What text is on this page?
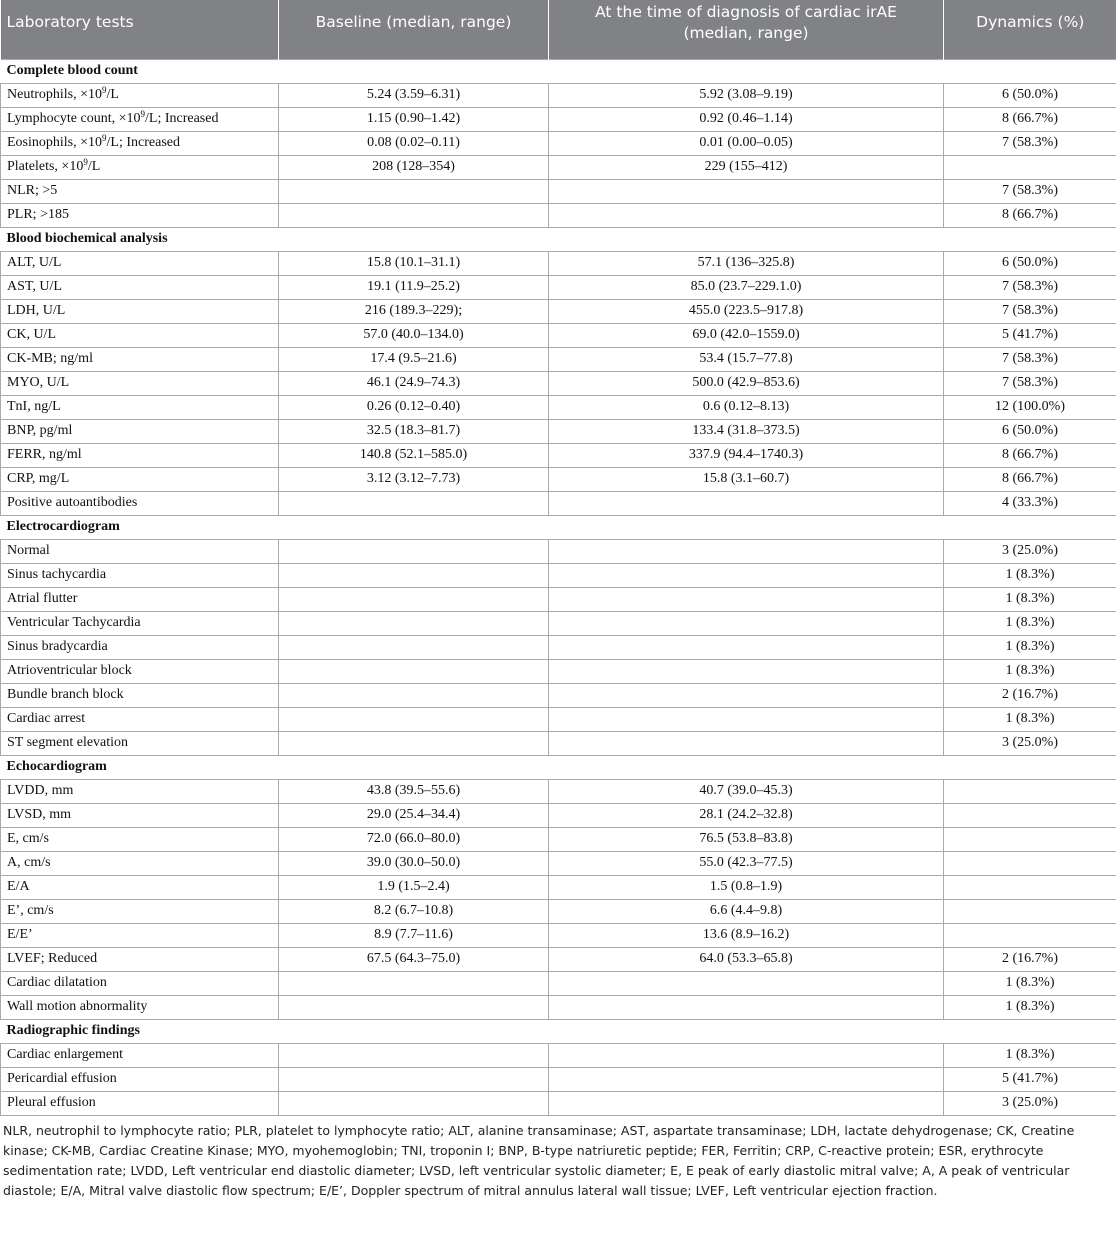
Laboratory tests	Baseline (median, range)	At the time of diagnosis of cardiac irAE
(median, range)	Dynamics (%)
Complete blood count			
Neutrophils, $\times 10^9/L$	5.24 (3.59–6.31)	5.92 (3.08–9.19)	6 (50.0%)
Lymphocyte count, $\times 10^9/L$; Increased	1.15 (0.90–1.42)	0.92 (0.46–1.14)	8 (66.7%)
Eosinophils, $\times 10^9/L$; Increased	0.08 (0.02–0.11)	0.01 (0.00–0.05)	7 (58.3%)
Platelets, $\times 10^9/L$	208 (128–354)	229 (155–412)	
NLR; >5			7 (58.3%)
PLR; >185			8 (66.7%)
Blood biochemical analysis			
ALT, U/L	15.8 (10.1–31.1)	57.1 (136–325.8)	6 (50.0%)
AST, U/L	19.1 (11.9–25.2)	85.0 (23.7–229.1.0)	7 (58.3%)
LDH, U/L	216 (189.3–229);	455.0 (223.5–917.8)	7 (58.3%)
CK, U/L	57.0 (40.0–134.0)	69.0 (42.0–1559.0)	5 (41.7%)
CK-MB; ng/ml	17.4 (9.5–21.6)	53.4 (15.7–77.8)	7 (58.3%)
MYO, U/L	46.1 (24.9–74.3)	500.0 (42.9–853.6)	7 (58.3%)
TnI, ng/L	0.26 (0.12–0.40)	0.6 (0.12–8.13)	12 (100.0%)
BNP, pg/ml	32.5 (18.3–81.7)	133.4 (31.8–373.5)	6 (50.0%)
FERR, ng/ml	140.8 (52.1–585.0)	337.9 (94.4–1740.3)	8 (66.7%)
CRP, mg/L	3.12 (3.12–7.73)	15.8 (3.1–60.7)	8 (66.7%)
Positive autoantibodies			4 (33.3%)
Electrocardiogram			
Normal			3 (25.0%)
Sinus tachycardia			1 (8.3%)
Atrial flutter			1 (8.3%)
Ventricular Tachycardia			1 (8.3%)
Sinus bradycardia			1 (8.3%)
Atrioventricular block			1 (8.3%)
Bundle branch block			2 (16.7%)
Cardiac arrest			1 (8.3%)
ST segment elevation			3 (25.0%)
Echocardiogram			
LVDD, mm	43.8 (39.5–55.6)	40.7 (39.0–45.3)	
LVSD, mm	29.0 (25.4–34.4)	28.1 (24.2–32.8)	
E, cm/s	72.0 (66.0–80.0)	76.5 (53.8–83.8)	
A, cm/s	39.0 (30.0–50.0)	55.0 (42.3–77.5)	
E/A	1.9 (1.5–2.4)	1.5 (0.8–1.9)	
E’, cm/s	8.2 (6.7–10.8)	6.6 (4.4–9.8)	
E/E’	8.9 (7.7–11.6)	13.6 (8.9–16.2)	
LVEF; Reduced	67.5 (64.3–75.0)	64.0 (53.3–65.8)	2 (16.7%)
Cardiac dilatation			1 (8.3%)
Wall motion abnormality			1 (8.3%)
Radiographic findings			
Cardiac enlargement			1 (8.3%)
Pericardial effusion			5 (41.7%)
Pleural effusion			3 (25.0%)

NLR, neutrophil to lymphocyte ratio; PLR, platelet to lymphocyte ratio; ALT, alanine transaminase; AST, aspartate transaminase; LDH, lactate dehydrogenase; CK, Creatine kinase; CK-MB, Cardiac Creatine Kinase; MYO, myohemoglobin; TNI, troponin I; BNP, B-type natriuretic peptide; FER, Ferritin; CRP, C-reactive protein; ESR, erythrocyte sedimentation rate; LVDD, Left ventricular end diastolic diameter; LVSD, left ventricular systolic diameter; E, E peak of early diastolic mitral valve; A, A peak of ventricular diastole; E/A, Mitral valve diastolic flow spectrum; E/E’, Doppler spectrum of mitral annulus lateral wall tissue; LVEF, Left ventricular ejection fraction.
